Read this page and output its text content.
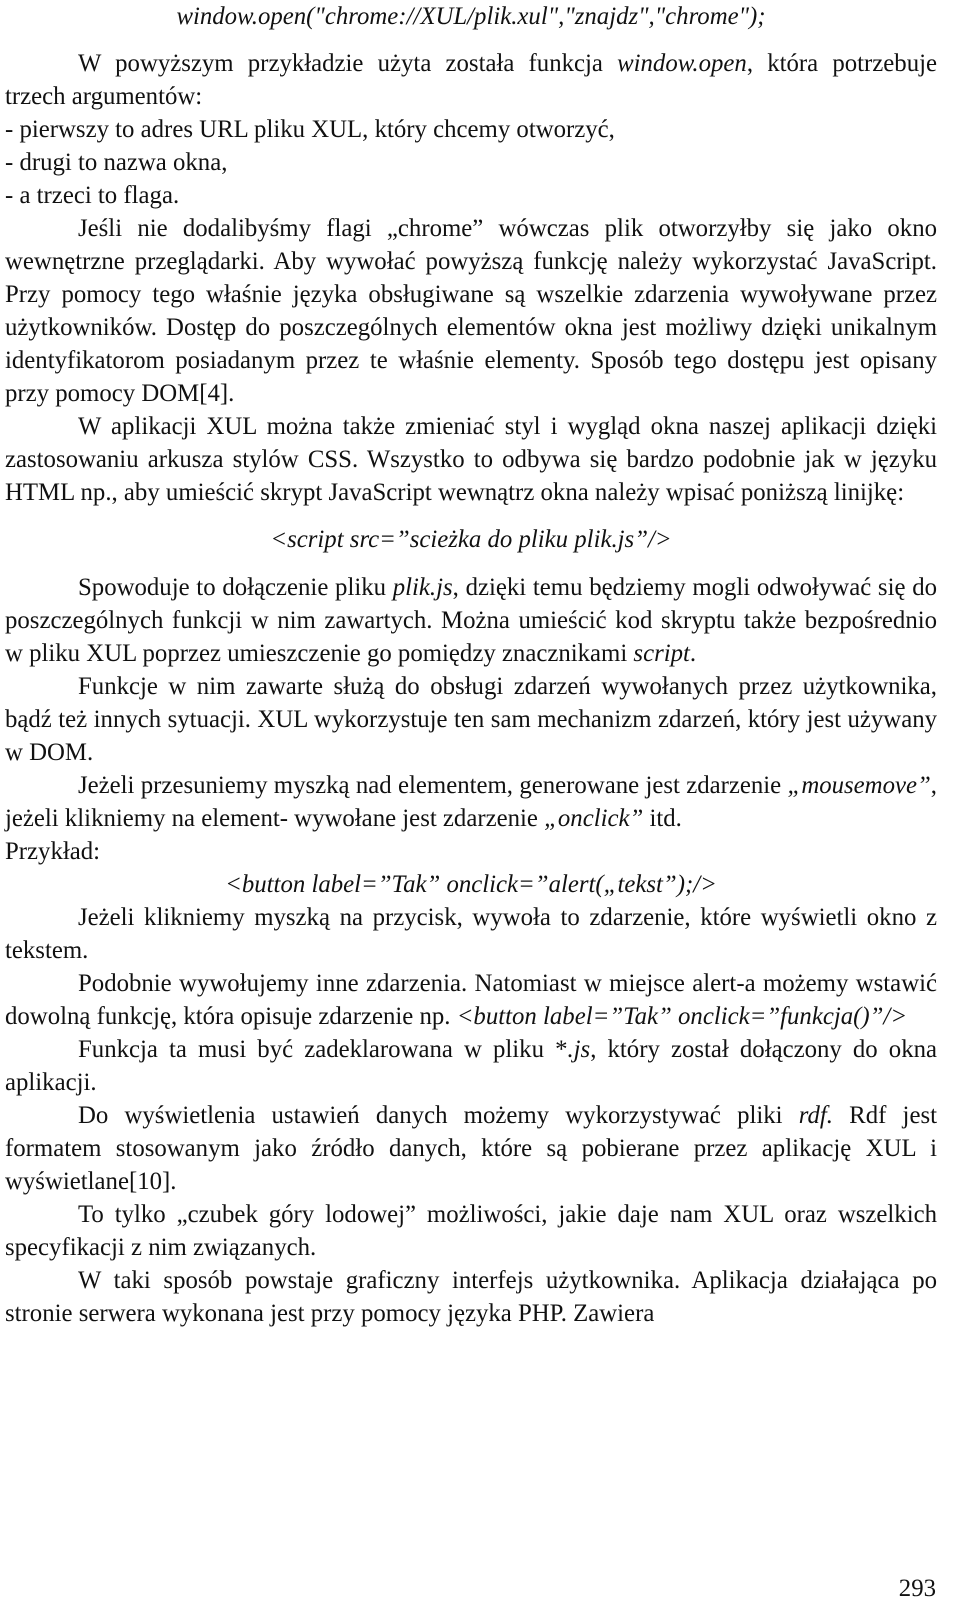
window.open("chrome://XUL/plik.xul","znajdz","chrome");

W powyższym przykładzie użyta została funkcja window.open, która potrzebuje trzech argumentów:

- pierwszy to adres URL pliku XUL, który chcemy otworzyć,

- drugi to nazwa okna,

- a trzeci to flaga.

Jeśli nie dodalibyśmy flagi „chrome” wówczas plik otworzyłby się jako okno wewnętrzne przeglądarki. Aby wywołać powyższą funkcję należy wykorzystać JavaScript. Przy pomocy tego właśnie języka obsługiwane są wszelkie zdarzenia wywoływane przez użytkowników. Dostęp do poszczególnych elementów okna jest możliwy dzięki unikalnym identyfikatorom posiadanym przez te właśnie elementy. Sposób tego dostępu jest opisany przy pomocy DOM[4].

W aplikacji XUL można także zmieniać styl i wygląd okna naszej aplikacji dzięki zastosowaniu arkusza stylów CSS. Wszystko to odbywa się bardzo podobnie jak w języku HTML np., aby umieścić skrypt JavaScript wewnątrz okna należy wpisać poniższą linijkę:

<script src=”scieżka do pliku plik.js”/>

Spowoduje to dołączenie pliku plik.js, dzięki temu będziemy mogli odwoływać się do poszczególnych funkcji w nim zawartych. Można umieścić kod skryptu także bezpośrednio w pliku XUL poprzez umieszczenie go pomiędzy znacznikami script.

Funkcje w nim zawarte służą do obsługi zdarzeń wywołanych przez użytkownika, bądź też innych sytuacji. XUL wykorzystuje ten sam mechanizm zdarzeń, który jest używany w DOM.

Jeżeli przesuniemy myszką nad elementem, generowane jest zdarzenie „mousemove”, jeżeli klikniemy na element- wywołane jest zdarzenie „onclick” itd.

Przykład:

<button label=”Tak” onclick=”alert(„tekst”);/>

Jeżeli klikniemy myszką na przycisk, wywoła to zdarzenie, które wyświetli okno z tekstem.

Podobnie wywołujemy inne zdarzenia. Natomiast w miejsce alert-a możemy wstawić dowolną funkcję, która opisuje zdarzenie np. <button label=”Tak” onclick=”funkcja()”/>

Funkcja ta musi być zadeklarowana w pliku *.js, który został dołączony do okna aplikacji.

Do wyświetlenia ustawień danych możemy wykorzystywać pliki rdf. Rdf jest formatem stosowanym jako źródło danych, które są pobierane przez aplikację XUL i wyświetlane[10].

To tylko „czubek góry lodowej” możliwości, jakie daje nam XUL oraz wszelkich specyfikacji z nim związanych.

W taki sposób powstaje graficzny interfejs użytkownika. Aplikacja działająca po stronie serwera wykonana jest przy pomocy języka PHP. Zawiera

293
